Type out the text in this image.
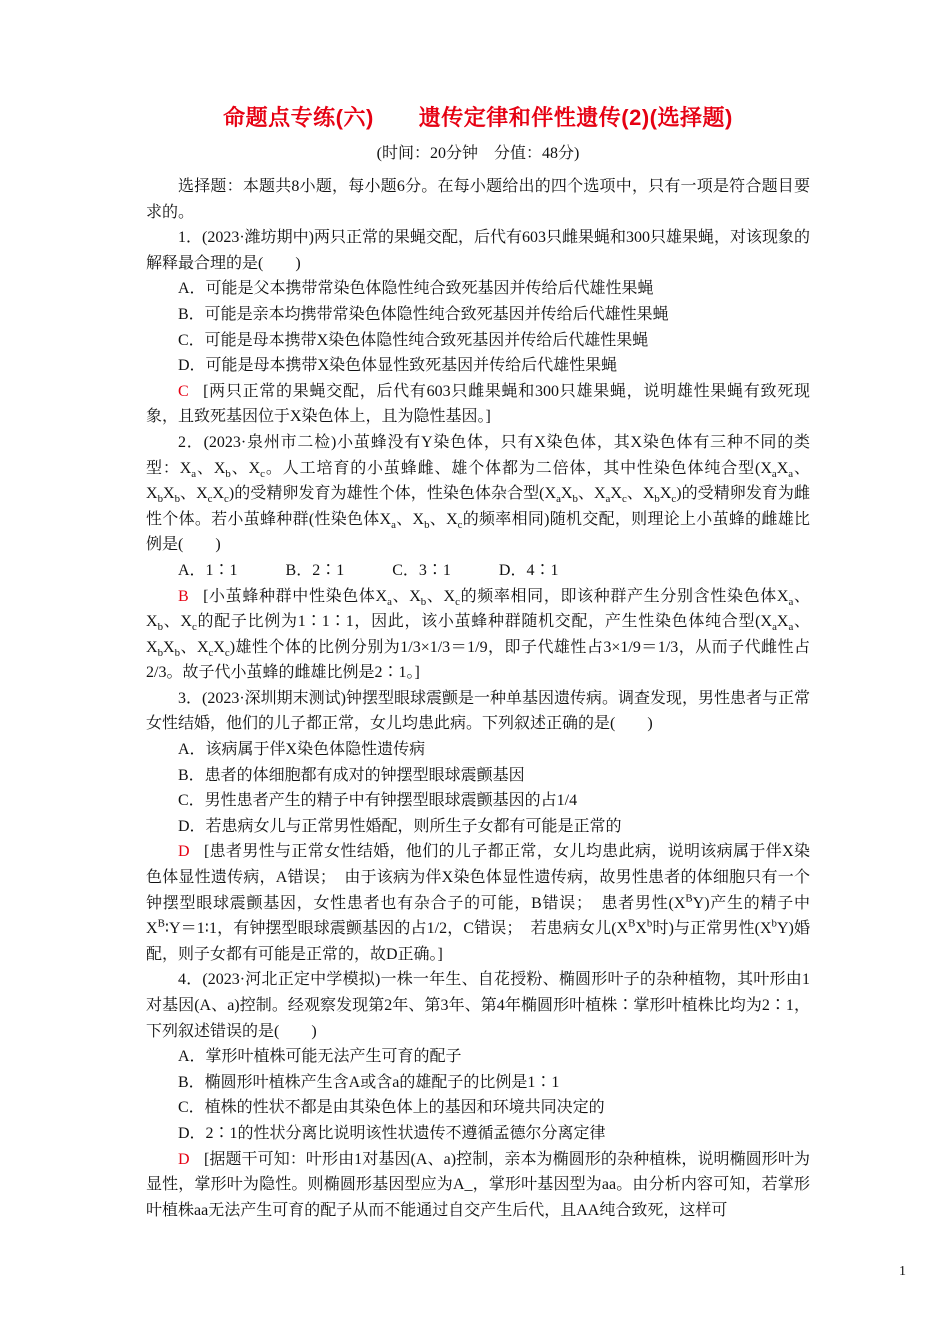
命题点专练(六)　　遗传定律和伴性遗传(2)(选择题)
(时间：20分钟　分值：48分)
选择题：本题共8小题，每小题6分。在每小题给出的四个选项中，只有一项是符合题目要求的。
1．(2023·潍坊期中)两只正常的果蝇交配，后代有603只雌果蝇和300只雄果蝇，对该现象的解释最合理的是(　　)
A．可能是父本携带常染色体隐性纯合致死基因并传给后代雄性果蝇
B．可能是亲本均携带常染色体隐性纯合致死基因并传给后代雄性果蝇
C．可能是母本携带X染色体隐性纯合致死基因并传给后代雄性果蝇
D．可能是母本携带X染色体显性致死基因并传给后代雄性果蝇
C [两只正常的果蝇交配，后代有603只雌果蝇和300只雄果蝇，说明雄性果蝇有致死现象，且致死基因位于X染色体上，且为隐性基因。]
2．(2023·泉州市二检)小茧蜂没有Y染色体，只有X染色体，其X染色体有三种不同的类型：$X_a$、$X_b$、$X_c$。人工培育的小茧蜂雌、雄个体都为二倍体，其中性染色体纯合型($X_aX_a$、$X_bX_b$、$X_cX_c$)的受精卵发育为雄性个体，性染色体杂合型($X_aX_b$、$X_aX_c$、$X_bX_c$)的受精卵发育为雌性个体。若小茧蜂种群(性染色体$X_a$、$X_b$、$X_c$的频率相同)随机交配，则理论上小茧蜂的雌雄比例是(　　)
A．1∶1　　　B．2∶1　　　C．3∶1　　　D．4∶1
B [小茧蜂种群中性染色体$X_a$、$X_b$、$X_c$的频率相同，即该种群产生分别含性染色体$X_a$、$X_b$、$X_c$的配子比例为1∶1∶1，因此，该小茧蜂种群随机交配，产生性染色体纯合型($X_aX_a$、$X_bX_b$、$X_cX_c$)雄性个体的比例分别为1/3×1/3＝1/9，即子代雄性占3×1/9＝1/3，从而子代雌性占2/3。故子代小茧蜂的雌雄比例是2∶1。]
3．(2023·深圳期末测试)钟摆型眼球震颤是一种单基因遗传病。调查发现，男性患者与正常女性结婚，他们的儿子都正常，女儿均患此病。下列叙述正确的是(　　)
A．该病属于伴X染色体隐性遗传病
B．患者的体细胞都有成对的钟摆型眼球震颤基因
C．男性患者产生的精子中有钟摆型眼球震颤基因的占1/4
D．若患病女儿与正常男性婚配，则所生子女都有可能是正常的
D [患者男性与正常女性结婚，他们的儿子都正常，女儿均患此病，说明该病属于伴X染色体显性遗传病，A错误；　由于该病为伴X染色体显性遗传病，故男性患者的体细胞只有一个钟摆型眼球震颤基因，女性患者也有杂合子的可能，B错误；　患者男性$(X^BY)$产生的精子中$X^B∶Y=1∶1$，有钟摆型眼球震颤基因的占1/2，C错误；　若患病女儿($X^BX^b$时)与正常男性$(X^bY)$婚配，则子女都有可能是正常的，故D正确。]
4．(2023·河北正定中学模拟)一株一年生、自花授粉、椭圆形叶子的杂种植物，其叶形由1对基因(A、a)控制。经观察发现第2年、第3年、第4年椭圆形叶植株∶掌形叶植株比均为2∶1，下列叙述错误的是(　　)
A．掌形叶植株可能无法产生可育的配子
B．椭圆形叶植株产生含A或含a的雄配子的比例是1∶1
C．植株的性状不都是由其染色体上的基因和环境共同决定的
D．2∶1的性状分离比说明该性状遗传不遵循孟德尔分离定律
D [据题干可知：叶形由1对基因(A、a)控制，亲本为椭圆形的杂种植株，说明椭圆形叶为显性，掌形叶为隐性。则椭圆形基因型应为A_，掌形叶基因型为aa。由分析内容可知，若掌形叶植株aa无法产生可育的配子从而不能通过自交产生后代，且AA纯合致死，这样可
1
